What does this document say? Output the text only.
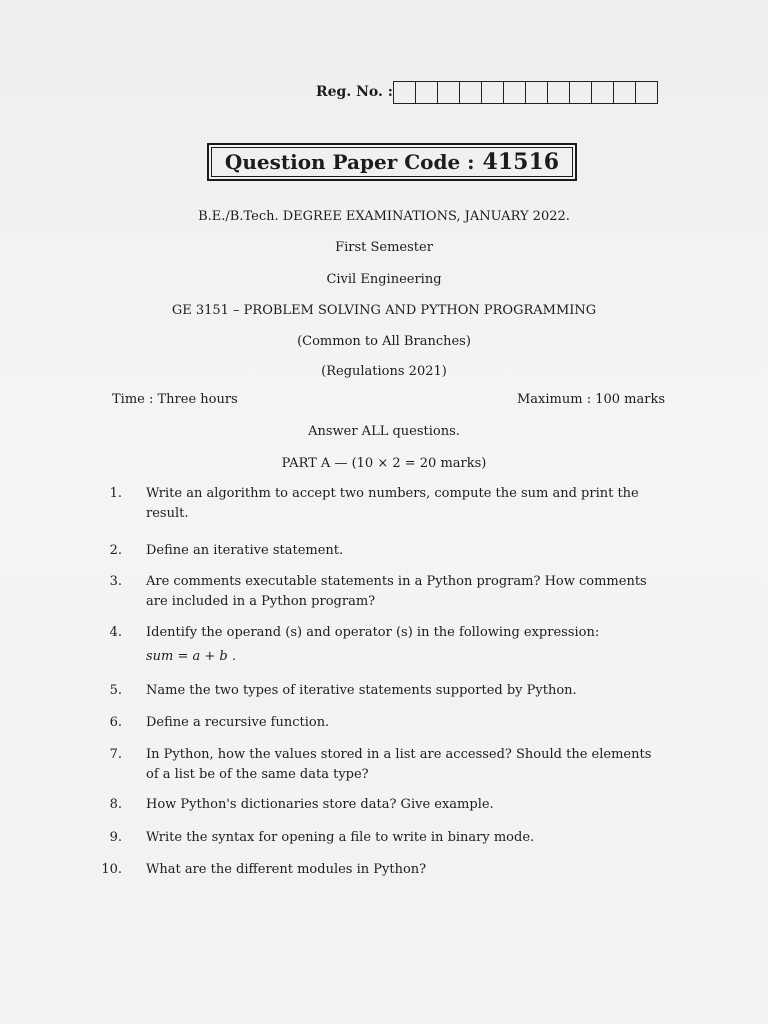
Reg. No. :
Question Paper Code : 41516
B.E./B.Tech. DEGREE EXAMINATIONS, JANUARY 2022.
First Semester
Civil Engineering
GE 3151 – PROBLEM SOLVING AND PYTHON PROGRAMMING
(Common to All Branches)
(Regulations 2021)
Time : Three hours	Maximum : 100 marks
Answer ALL questions.
PART A — (10 × 2 = 20 marks)
1. Write an algorithm to accept two numbers, compute the sum and print the result.
2. Define an iterative statement.
3. Are comments executable statements in a Python program? How comments are included in a Python program?
4. Identify the operand (s) and operator (s) in the following expression:
sum = a + b .
5. Name the two types of iterative statements supported by Python.
6. Define a recursive function.
7. In Python, how the values stored in a list are accessed? Should the elements of a list be of the same data type?
8. How Python's dictionaries store data? Give example.
9. Write the syntax for opening a file to write in binary mode.
10. What are the different modules in Python?
